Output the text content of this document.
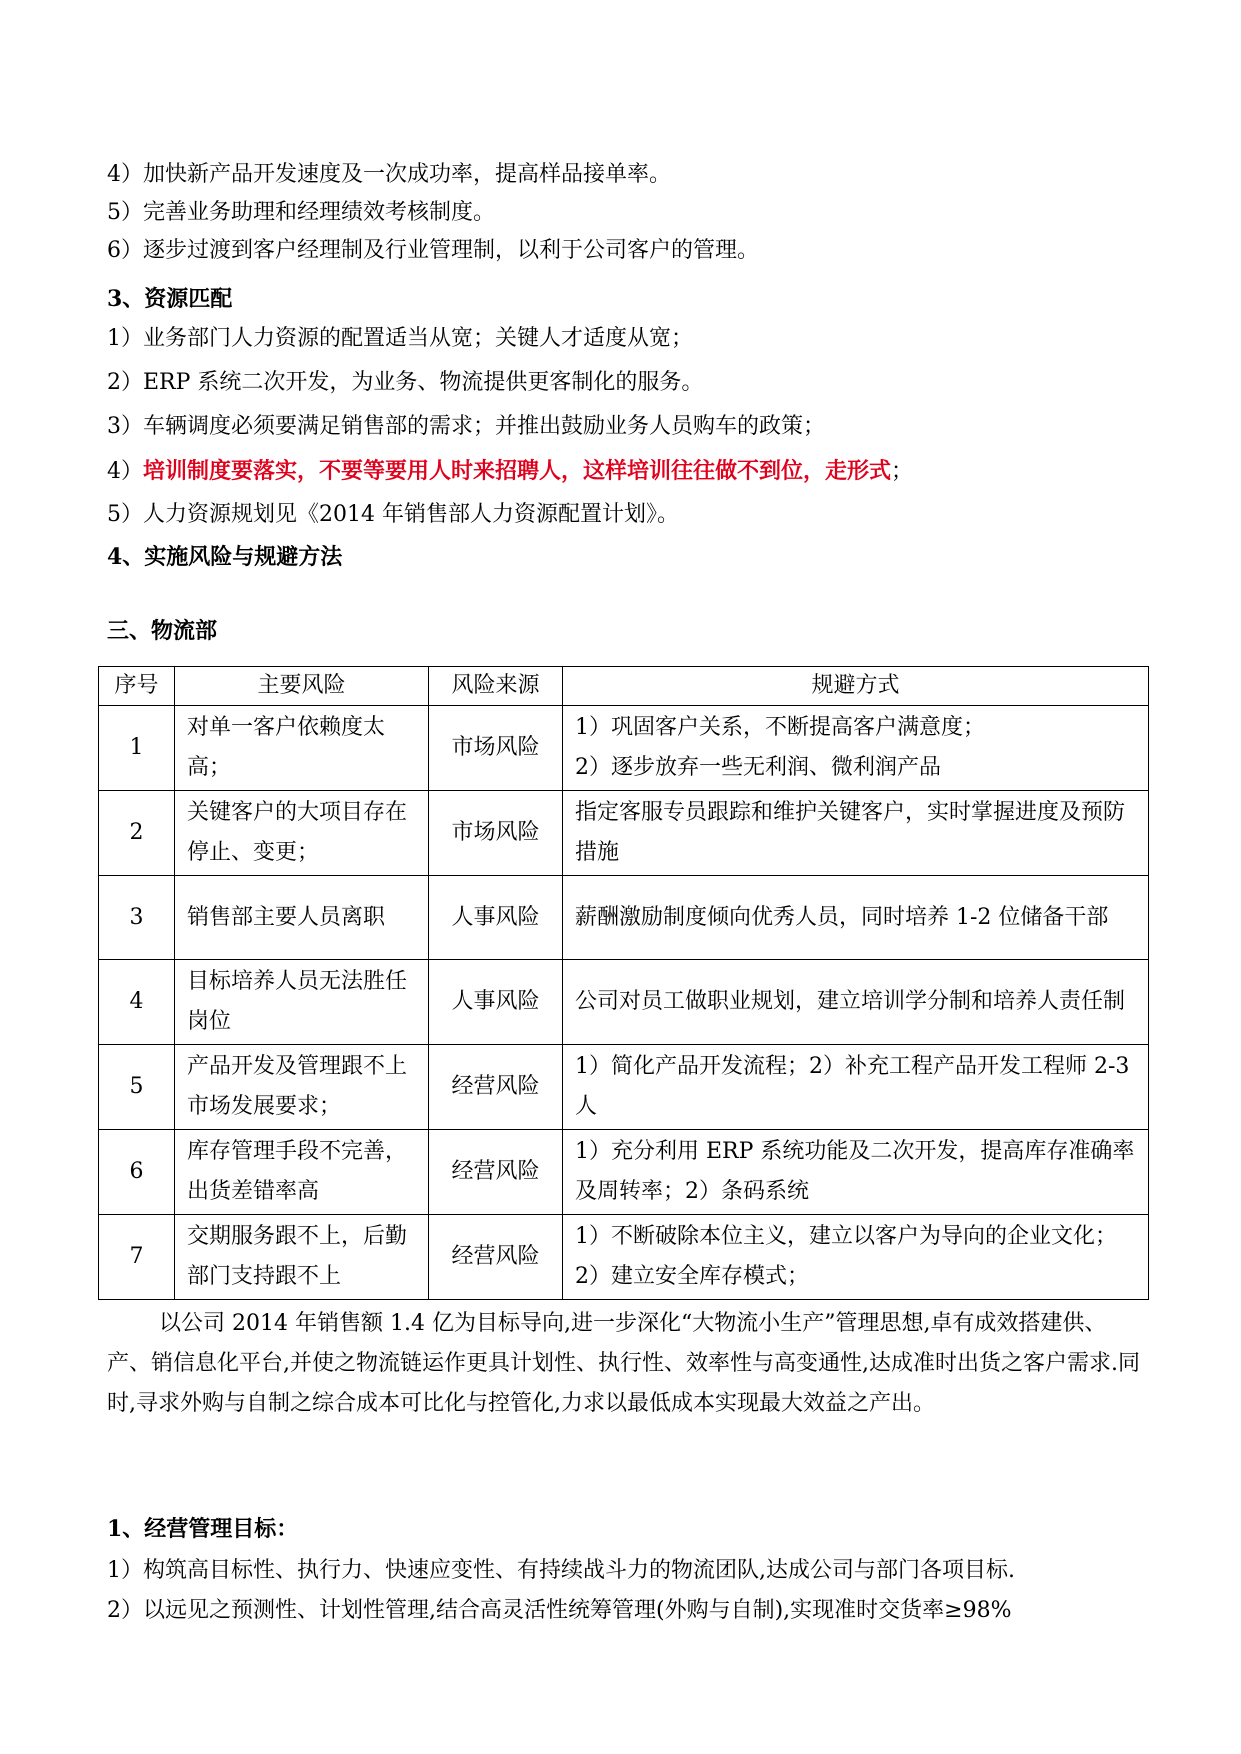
4）加快新产品开发速度及一次成功率，提高样品接单率。
5）完善业务助理和经理绩效考核制度。
6）逐步过渡到客户经理制及行业管理制，以利于公司客户的管理。
3、资源匹配
1）业务部门人力资源的配置适当从宽；关键人才适度从宽；
2）ERP 系统二次开发，为业务、物流提供更客制化的服务。
3）车辆调度必须要满足销售部的需求；并推出鼓励业务人员购车的政策；
4）培训制度要落实，不要等要用人时来招聘人，这样培训往往做不到位，走形式；
5）人力资源规划见《2014 年销售部人力资源配置计划》。
4、实施风险与规避方法
三、物流部
序号	主要风险	风险来源	规避方式
1	对单一客户依赖度太高；	市场风险	1）巩固客户关系，不断提高客户满意度；
2）逐步放弃一些无利润、微利润产品
2	关键客户的大项目存在停止、变更；	市场风险	指定客服专员跟踪和维护关键客户，实时掌握进度及预防措施
3	销售部主要人员离职	人事风险	薪酬激励制度倾向优秀人员，同时培养 1-2 位储备干部
4	目标培养人员无法胜任岗位	人事风险	公司对员工做职业规划，建立培训学分制和培养人责任制
5	产品开发及管理跟不上市场发展要求；	经营风险	1）简化产品开发流程；2）补充工程产品开发工程师 2-3 人
6	库存管理手段不完善，出货差错率高	经营风险	1）充分利用 ERP 系统功能及二次开发，提高库存准确率及周转率；2）条码系统
7	交期服务跟不上，后勤部门支持跟不上	经营风险	1）不断破除本位主义，建立以客户为导向的企业文化；2）建立安全库存模式；
以公司 2014 年销售额 1.4 亿为目标导向,进一步深化“大物流小生产”管理思想,卓有成效搭建供、产、销信息化平台,并使之物流链运作更具计划性、执行性、效率性与高变通性,达成准时出货之客户需求.同时,寻求外购与自制之综合成本可比化与控管化,力求以最低成本实现最大效益之产出。
1、经营管理目标：
1）构筑高目标性、执行力、快速应变性、有持续战斗力的物流团队,达成公司与部门各项目标.
2）以远见之预测性、计划性管理,结合高灵活性统筹管理(外购与自制),实现准时交货率≥98%
